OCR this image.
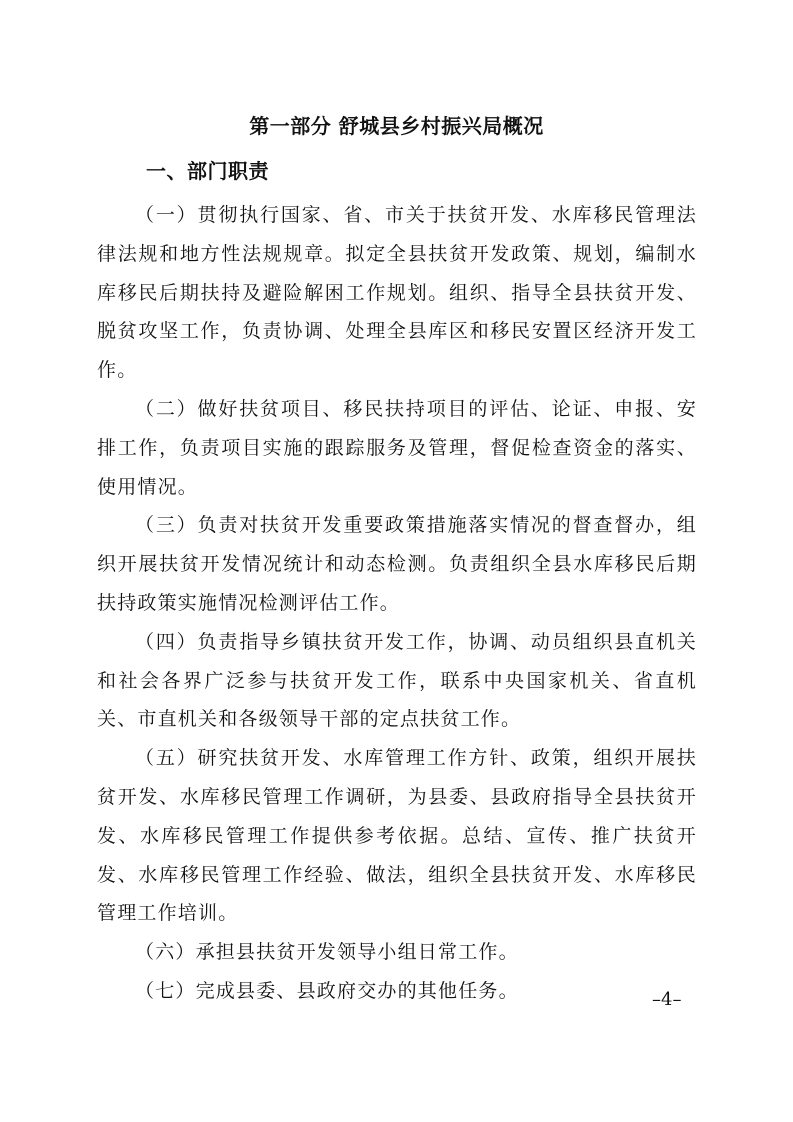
第一部分 舒城县乡村振兴局概况
一、部门职责

（一）贯彻执行国家、省、市关于扶贫开发、水库移民管理法律法规和地方性法规规章。拟定全县扶贫开发政策、规划，编制水库移民后期扶持及避险解困工作规划。组织、指导全县扶贫开发、脱贫攻坚工作，负责协调、处理全县库区和移民安置区经济开发工作。

（二）做好扶贫项目、移民扶持项目的评估、论证、申报、安排工作，负责项目实施的跟踪服务及管理，督促检查资金的落实、使用情况。

（三）负责对扶贫开发重要政策措施落实情况的督查督办，组织开展扶贫开发情况统计和动态检测。负责组织全县水库移民后期扶持政策实施情况检测评估工作。

（四）负责指导乡镇扶贫开发工作，协调、动员组织县直机关和社会各界广泛参与扶贫开发工作，联系中央国家机关、省直机关、市直机关和各级领导干部的定点扶贫工作。

（五）研究扶贫开发、水库管理工作方针、政策，组织开展扶贫开发、水库移民管理工作调研，为县委、县政府指导全县扶贫开发、水库移民管理工作提供参考依据。总结、宣传、推广扶贫开发、水库移民管理工作经验、做法，组织全县扶贫开发、水库移民管理工作培训。

（六）承担县扶贫开发领导小组日常工作。

（七）完成县委、县政府交办的其他任务。	–4–
